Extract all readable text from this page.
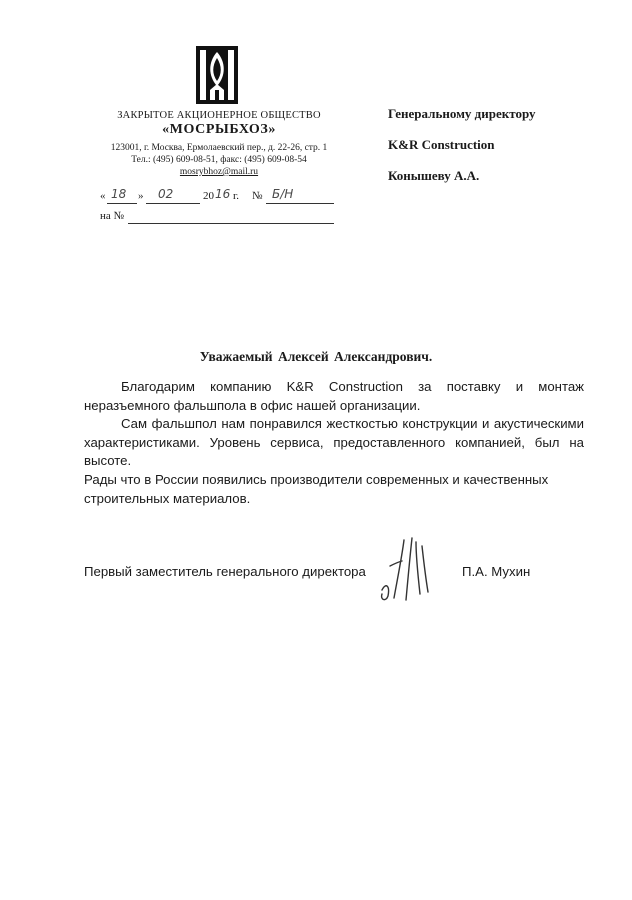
ЗАКРЫТОЕ АКЦИОНЕРНОЕ ОБЩЕСТВО
«МОСРЫБХОЗ»
123001, г. Москва, Ермолаевский пер., д. 22-26, стр. 1
Тел.: (495) 609-08-51, факс: (495) 609-08-54
mosrybhoz@mail.ru
« 18 » 02	20 16 г. № Б/Н
на №
Генеральному директору
K&R Construction
Конышеву А.А.
Уважаемый Алексей Александрович.

Благодарим компанию K&R Construction за поставку и монтаж неразъемного фальшпола в офис нашей организации.

Сам фальшпол нам понравился жесткостью конструкции и акустическими характеристиками. Уровень сервиса, предоставленного компанией, был на высоте.

Рады что в России появились производители современных и качественных строительных материалов.

Первый заместитель генерального директора	П.А. Мухин
